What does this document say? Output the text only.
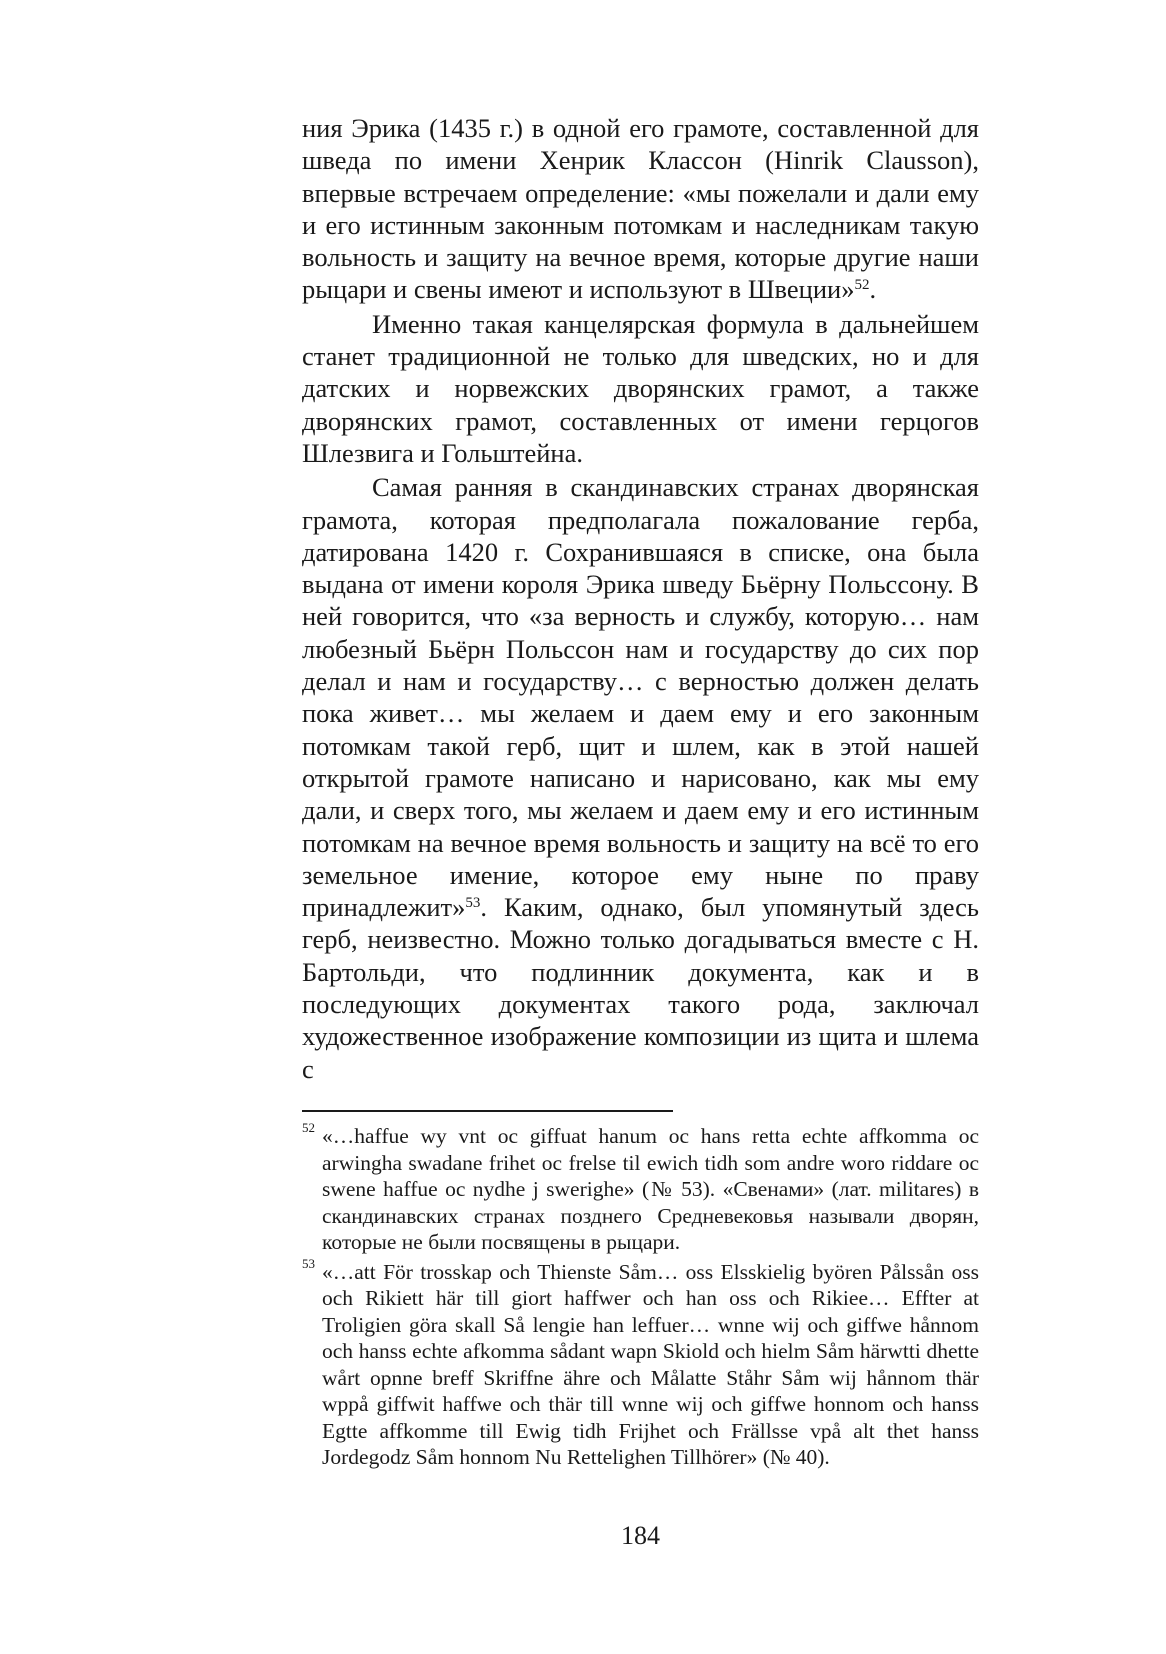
ния Эрика (1435 г.) в одной его грамоте, составленной для шведа по имени Хенрик Классон (Hinrik Clausson), впервые встречаем определение: «мы пожелали и дали ему и его истинным законным потомкам и наследникам такую вольность и защиту на вечное время, которые другие наши рыцари и свены имеют и используют в Швеции»$^{52}$.

Именно такая канцелярская формула в дальнейшем станет традиционной не только для шведских, но и для датских и норвежских дворянских грамот, а также дворянских грамот, составленных от имени герцогов Шлезвига и Гольштейна.

Самая ранняя в скандинавских странах дворянская грамота, которая предполагала пожалование герба, датирована 1420 г. Сохранившаяся в списке, она была выдана от имени короля Эрика шведу Бьëрну Польссону. В ней говорится, что «за верность и службу, которую… нам любезный Бьëрн Польссон нам и государству до сих пор делал и нам и государству… с верностью должен делать пока живет… мы желаем и даем ему и его законным потомкам такой герб, щит и шлем, как в этой нашей открытой грамоте написано и нарисовано, как мы ему дали, и сверх того, мы желаем и даем ему и его истинным потомкам на вечное время вольность и защиту на всё то его земельное имение, которое ему ныне по праву принадлежит»$^{53}$. Каким, однако, был упомянутый здесь герб, неизвестно. Можно только догадываться вместе с Н. Бартольди, что подлинник документа, как и в последующих документах такого рода, заключал художественное изображение композиции из щита и шлема с

52 «…haffue wy vnt oc giffuat hanum oc hans retta echte affkomma oc arwingha swadane frihet oc frelse til ewich tidh som andre woro riddare oc swene haffue oc nydhe j swerighe» (№ 53). «Свенами» (лат. militares) в скандинавских странах позднего Средневековья называли дворян, которые не были посвящены в рыцари.
53 «…att För trosskap och Thienste Såm… oss Elsskielig byören Pålssån oss och Rikiett här till giort haffwer och han oss och Rikiee… Effter at Troligien göra skall Så lengie han leffuer… wnne wij och giffwe hånnom och hanss echte afkomma sådant wapn Skiold och hielm Såm härwtti dhette wårt opnne breff Skriffne ähre och Målatte Ståhr Såm wij hånnom thär wppå giffwit haffwe och thär till wnne wij och giffwe honnom och hanss Egtte affkomme till Ewig tidh Frijhet och Frällsse vpå alt thet hanss Jordegodz Såm honnom Nu Rettelighen Tillhörer» (№ 40).
184
